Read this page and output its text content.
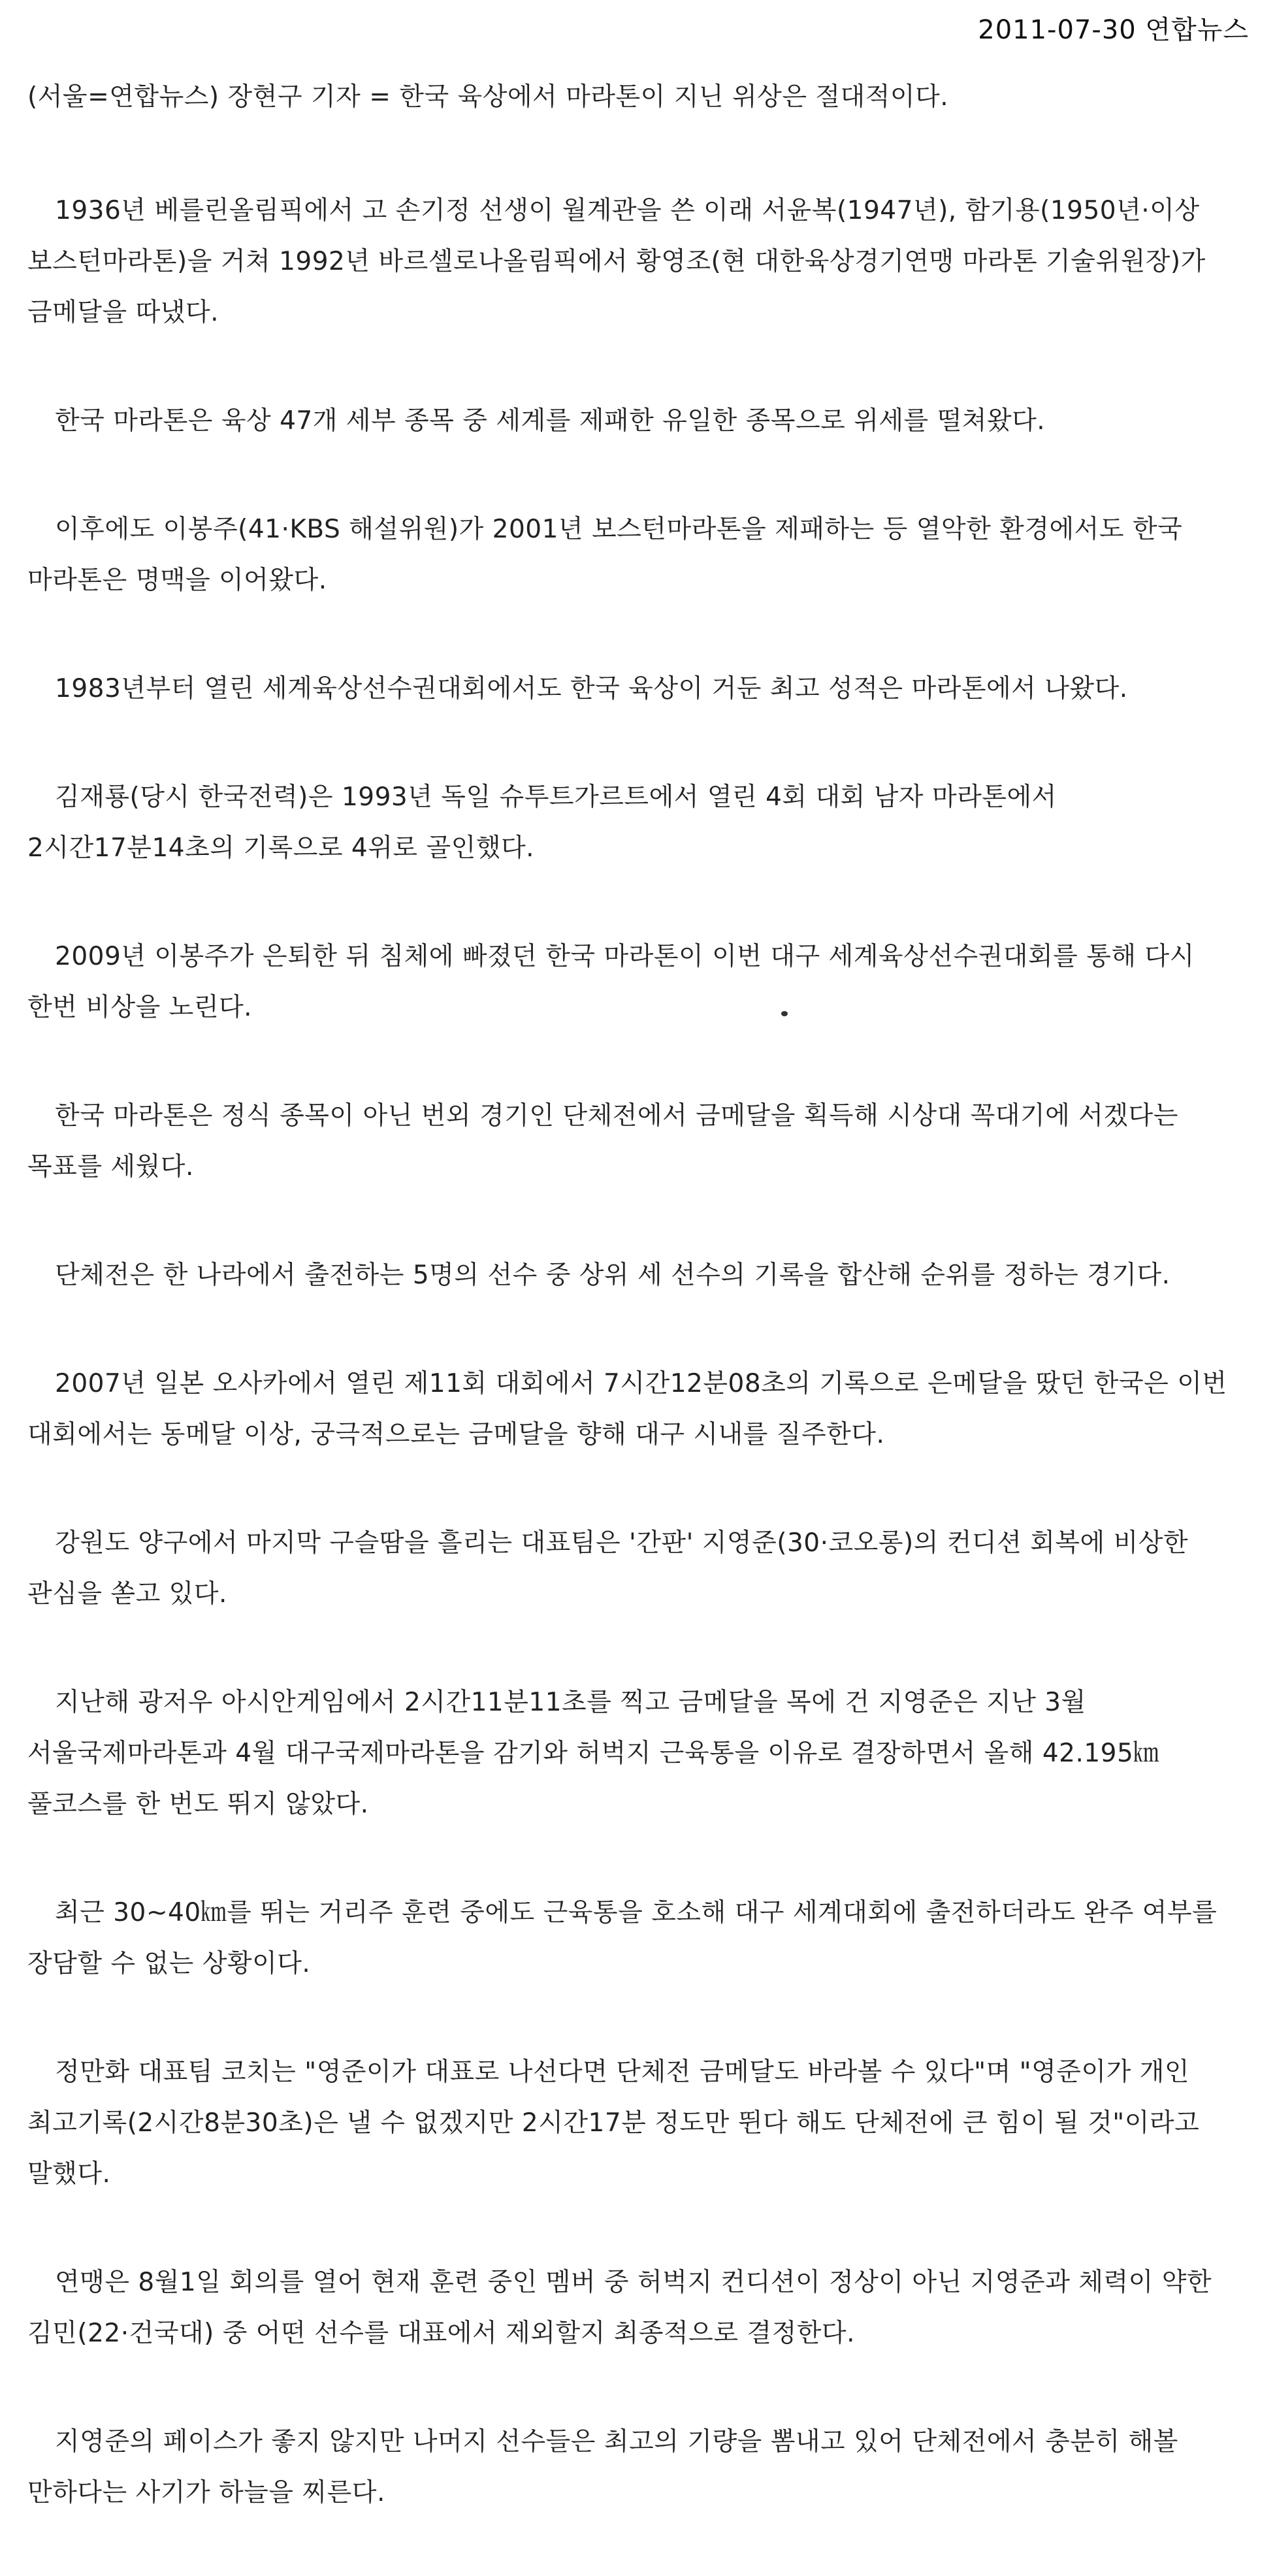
2011-07-30 연합뉴스

(서울=연합뉴스) 장현구 기자 = 한국 육상에서 마라톤이 지닌 위상은 절대적이다.

1936년 베를린올림픽에서 고 손기정 선생이 월계관을 쓴 이래 서윤복(1947년), 함기용(1950년·이상 보스턴마라톤)을 거쳐 1992년 바르셀로나올림픽에서 황영조(현 대한육상경기연맹 마라톤 기술위원장)가 금메달을 따냈다.

한국 마라톤은 육상 47개 세부 종목 중 세계를 제패한 유일한 종목으로 위세를 떨쳐왔다.

이후에도 이봉주(41·KBS 해설위원)가 2001년 보스턴마라톤을 제패하는 등 열악한 환경에서도 한국 마라톤은 명맥을 이어왔다.

1983년부터 열린 세계육상선수권대회에서도 한국 육상이 거둔 최고 성적은 마라톤에서 나왔다.

김재룡(당시 한국전력)은 1993년 독일 슈투트가르트에서 열린 4회 대회 남자 마라톤에서 2시간17분14초의 기록으로 4위로 골인했다.

2009년 이봉주가 은퇴한 뒤 침체에 빠졌던 한국 마라톤이 이번 대구 세계육상선수권대회를 통해 다시 한번 비상을 노린다.

한국 마라톤은 정식 종목이 아닌 번외 경기인 단체전에서 금메달을 획득해 시상대 꼭대기에 서겠다는 목표를 세웠다.

단체전은 한 나라에서 출전하는 5명의 선수 중 상위 세 선수의 기록을 합산해 순위를 정하는 경기다.

2007년 일본 오사카에서 열린 제11회 대회에서 7시간12분08초의 기록으로 은메달을 땄던 한국은 이번 대회에서는 동메달 이상, 궁극적으로는 금메달을 향해 대구 시내를 질주한다.

강원도 양구에서 마지막 구슬땀을 흘리는 대표팀은 '간판' 지영준(30·코오롱)의 컨디션 회복에 비상한 관심을 쏟고 있다.

지난해 광저우 아시안게임에서 2시간11분11초를 찍고 금메달을 목에 건 지영준은 지난 3월 서울국제마라톤과 4월 대구국제마라톤을 감기와 허벅지 근육통을 이유로 결장하면서 올해 42.195㎞ 풀코스를 한 번도 뛰지 않았다.

최근 30~40㎞를 뛰는 거리주 훈련 중에도 근육통을 호소해 대구 세계대회에 출전하더라도 완주 여부를 장담할 수 없는 상황이다.

정만화 대표팀 코치는 "영준이가 대표로 나선다면 단체전 금메달도 바라볼 수 있다"며 "영준이가 개인 최고기록(2시간8분30초)은 낼 수 없겠지만 2시간17분 정도만 뛴다 해도 단체전에 큰 힘이 될 것"이라고 말했다.

연맹은 8월1일 회의를 열어 현재 훈련 중인 멤버 중 허벅지 컨디션이 정상이 아닌 지영준과 체력이 약한 김민(22·건국대) 중 어떤 선수를 대표에서 제외할지 최종적으로 결정한다.

지영준의 페이스가 좋지 않지만 나머지 선수들은 최고의 기량을 뽐내고 있어 단체전에서 충분히 해볼 만하다는 사기가 하늘을 찌른다.
